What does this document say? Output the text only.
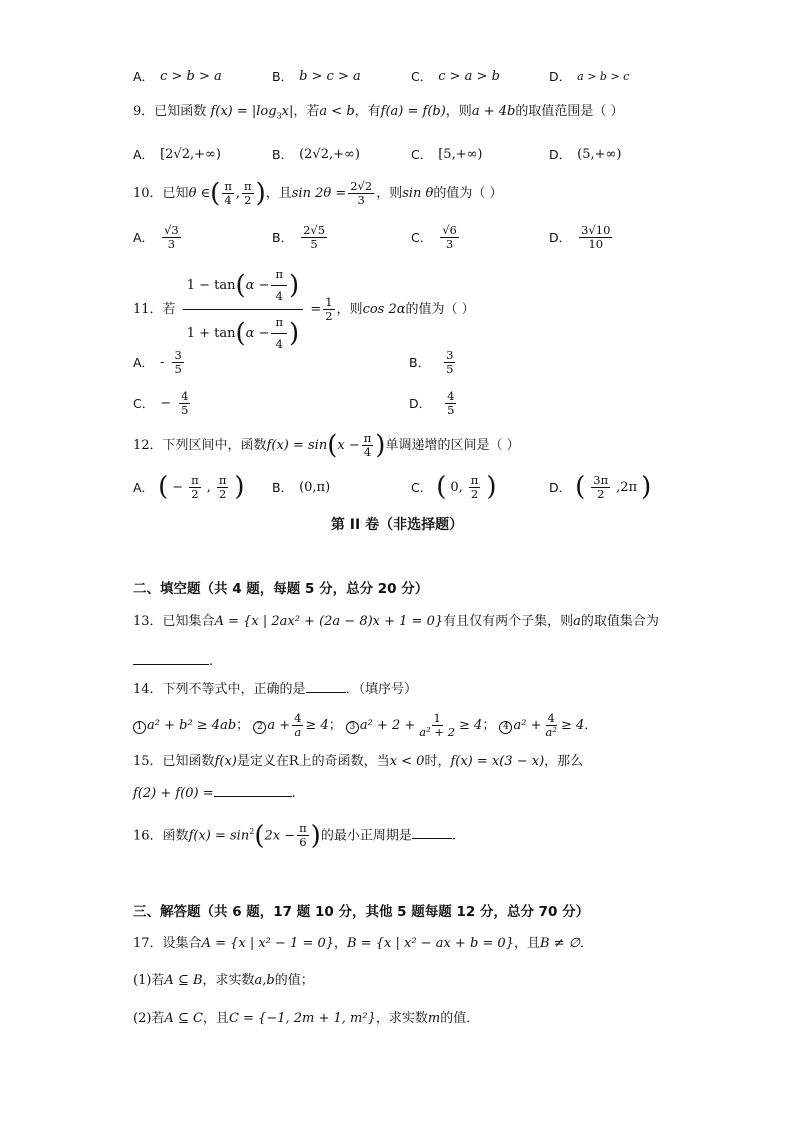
A． c > b > a	B． b > c > a	C． c > a > b	D． a > b > c
9．已知函数 $f(x) = |\log_3x|$，若a < b，有f(a) = f(b)，则a + 4b的取值范围是（ ）
A． [2√2,+∞)	B． (2√2,+∞)	C． [5,+∞)	D． (5,+∞)
10．已知θ ∈( $\frac{\pi}{4}$ , $\frac{\pi}{2}$ )，且$\sin 2\theta = \frac{2√2}{3}$ ，则sin θ的值为（ ）
A． $\frac{√3}{3}$	B． $\frac{2√5}{5}$	C． $\frac{√6}{3}$	D． $\frac{3√10}{10}$
11．若 $\frac{1 - \tan(\alpha - \frac{\pi}{4} )}{1 + \tan(\alpha - \frac{\pi}{4} )} = \frac{1}{2}$ ，则cos 2α的值为（ ）
A． - $\frac{3}{5}$	B． $\frac{3}{5}$
C． − $\frac{4}{5}$	D． $\frac{4}{5}$
12．下列区间中，函数$f(x) = \sin(x - \frac{\pi}{4}$ )单调递增的区间是（ ）
A． ( − $\frac{\pi}{2}$ , $\frac{\pi}{2}$ ) B． (0,π)	C． ( 0, $\frac{\pi}{2}$ )	D． ( $\frac{3\pi}{2} ,2\pi$ )
第 II 卷（非选择题）
二、填空题（共 4 题，每题 5 分，总分 20 分）
13．已知集合A = {x | 2ax² + (2a − 8)x + 1 = 0}有且仅有两个子集，则a的取值集合为
.
14．下列不等式中，正确的是	．（填序号）
1 a² + b² ≥ 4ab； 2 $a + \frac{4}{a} \ge 4$； 3 $a^2 + 2 + \frac{1}{\text{a² + 2}} \ge 4$； 4 $a^2 + \frac{4}{\text{a²}} \ge 4$．
15．已知函数f(x)是定义在R上的奇函数，当x < 0时，f(x) = x(3 − x)，那么
f(2) + f(0) =	.
16．函数$f(x) = \sin^2(2x - \frac{\pi}{6}$ )的最小正周期是	.
三、解答题（共 6 题，17 题 10 分，其他 5 题每题 12 分，总分 70 分）
17．设集合A = {x | x² − 1 = 0}，B = {x | x² − ax + b = 0}，且B ≠ ∅．
(1)若A ⊆ B，求实数a,b的值；
(2)若A ⊆ C，且C = {−1, 2m + 1, m²}，求实数m的值．
